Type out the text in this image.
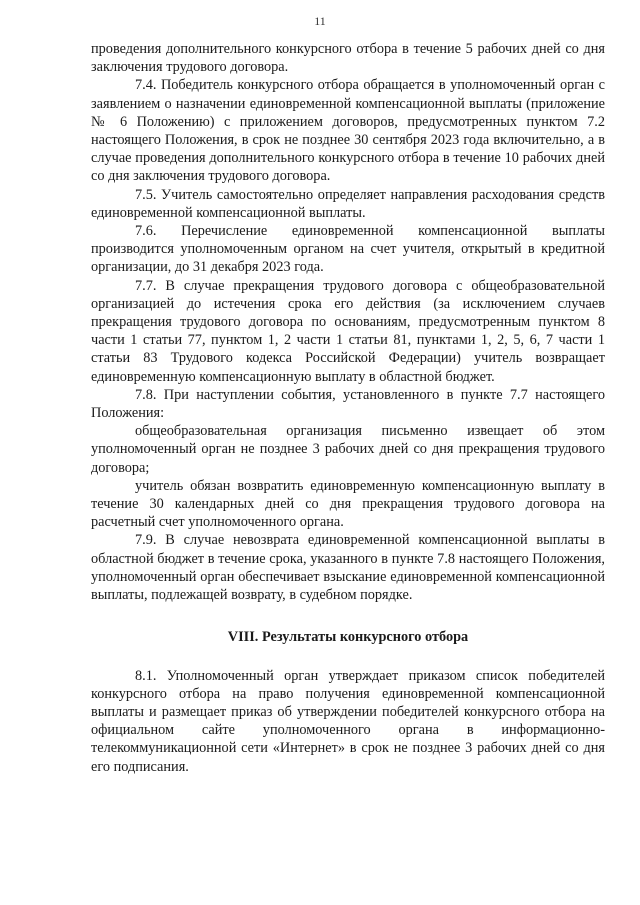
11

проведения дополнительного конкурсного отбора в течение 5 рабочих дней со дня заключения трудового договора.

7.4. Победитель конкурсного отбора обращается в уполномоченный орган с заявлением о назначении единовременной компенсационной выплаты (приложение № 6 Положению) с приложением договоров, предусмотренных пунктом 7.2 настоящего Положения, в срок не позднее 30 сентября 2023 года включительно, а в случае проведения дополнительного конкурсного отбора в течение 10 рабочих дней со дня заключения трудового договора.

7.5. Учитель самостоятельно определяет направления расходования средств единовременной компенсационной выплаты.

7.6. Перечисление единовременной компенсационной выплаты производится уполномоченным органом на счет учителя, открытый в кредитной организации, до 31 декабря 2023 года.

7.7. В случае прекращения трудового договора с общеобразовательной организацией до истечения срока его действия (за исключением случаев прекращения трудового договора по основаниям, предусмотренным пунктом 8 части 1 статьи 77, пунктом 1, 2 части 1 статьи 81, пунктами 1, 2, 5, 6, 7 части 1 статьи 83 Трудового кодекса Российской Федерации) учитель возвращает единовременную компенсационную выплату в областной бюджет.

7.8. При наступлении события, установленного в пункте 7.7 настоящего Положения:

общеобразовательная организация письменно извещает об этом уполномоченный орган не позднее 3 рабочих дней со дня прекращения трудового договора;

учитель обязан возвратить единовременную компенсационную выплату в течение 30 календарных дней со дня прекращения трудового договора на расчетный счет уполномоченного органа.

7.9. В случае невозврата единовременной компенсационной выплаты в областной бюджет в течение срока, указанного в пункте 7.8 настоящего Положения, уполномоченный орган обеспечивает взыскание единовременной компенсационной выплаты, подлежащей возврату, в судебном порядке.

VIII. Результаты конкурсного отбора

8.1. Уполномоченный орган утверждает приказом список победителей конкурсного отбора на право получения единовременной компенсационной выплаты и размещает приказ об утверждении победителей конкурсного отбора на официальном сайте уполномоченного органа в информационно-телекоммуникационной сети «Интернет» в срок не позднее 3 рабочих дней со дня его подписания.
